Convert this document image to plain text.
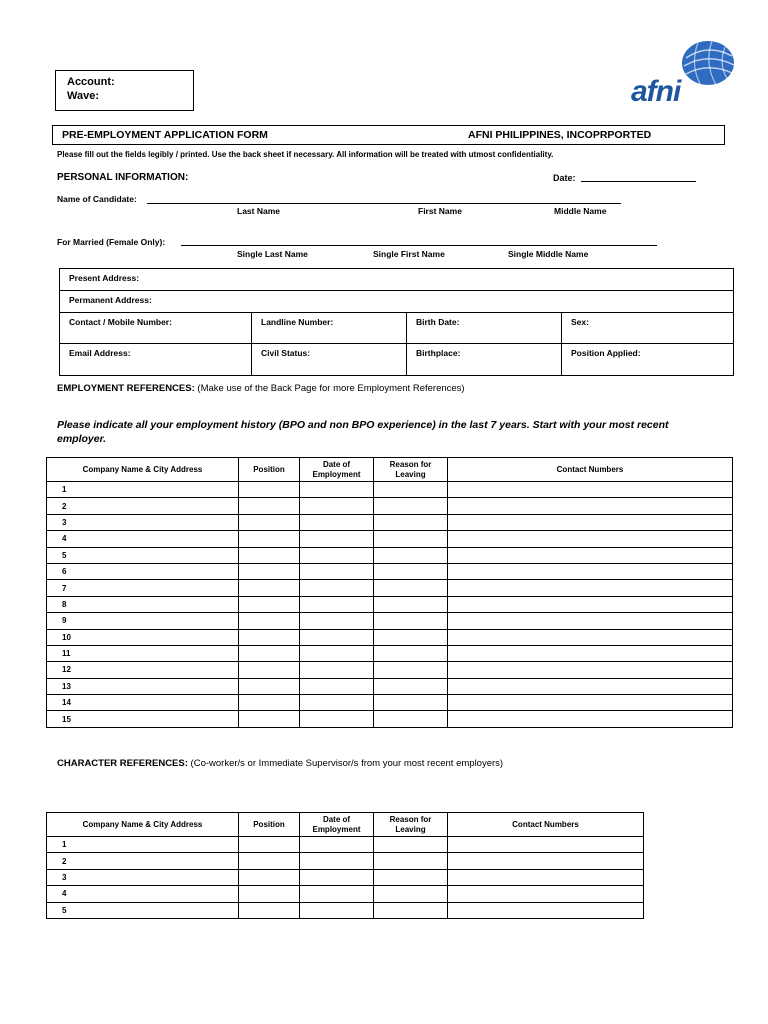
Account:
Wave:	afni
PRE-EMPLOYMENT APPLICATION FORM	AFNI PHILIPPINES, INCOPRPORTED
Please fill out the fields legibly / printed. Use the back sheet if necessary. All information will be treated with utmost confidentiality.
PERSONAL INFORMATION:	Date:
Name of Candidate:
Last Name	First Name	Middle Name
For Married (Female Only):
Single Last Name	Single First Name	Single Middle Name
Present Address:			
Permanent Address:			
Contact / Mobile Number:	Landline Number:	Birth Date:	Sex:
Email Address:	Civil Status:	Birthplace:	Position Applied:
EMPLOYMENT REFERENCES: (Make use of the Back Page for more Employment References)
Please indicate all your employment history (BPO and non BPO experience) in the last 7 years. Start with your most recent employer.
Company Name & City Address	Position	Date of Employment	Reason for Leaving	Contact Numbers
1				
2				
3				
4				
5				
6				
7				
8				
9				
10				
11				
12				
13				
14				
15				
CHARACTER REFERENCES: (Co-worker/s or Immediate Supervisor/s from your most recent employers)
Company Name & City Address	Position	Date of Employment	Reason for Leaving	Contact Numbers
1				
2				
3				
4				
5				
